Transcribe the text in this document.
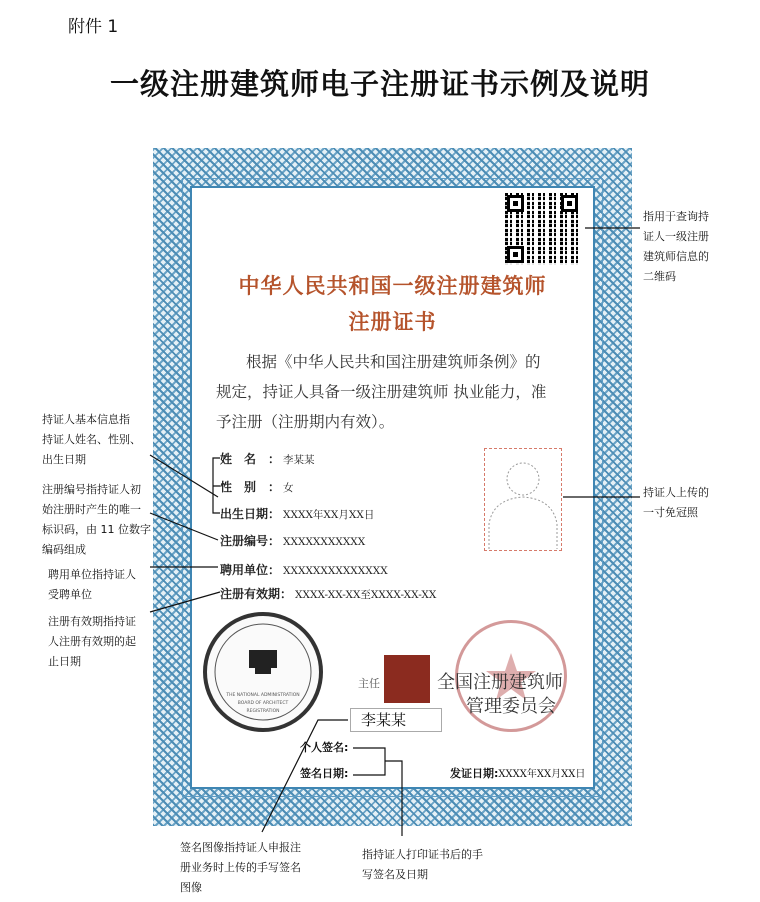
附件 1
一级注册建筑师电子注册证书示例及说明
中华人民共和国一级注册建筑师
注册证书
根据《中华人民共和国注册建筑师条例》的
规定，持证人具备一级注册建筑师 执业能力，准
予注册（注册期内有效）。
姓　名　： 李某某
性　别　： 女
出生日期： XXXX年XX月XX日
注册编号： XXXXXXXXXXX
聘用单位： XXXXXXXXXXXXXX
注册有效期： XXXX-XX-XX至XXXX-XX-XX
THE NATIONAL ADMINISTRATION
BOARD OF ARCHITECT
REGISTRATION
主任	全国注册建筑师
管理委员会
李某某
个人签名:
签名日期:	发证日期:XXXX年XX月XX日
指用于查询持
证人一级注册
建筑师信息的
二维码
持证人基本信息指
持证人姓名、性别、
出生日期
注册编号指持证人初
始注册时产生的唯一
标识码，由 11 位数字
编码组成
聘用单位指持证人
受聘单位
注册有效期指持证
人注册有效期的起
止日期
持证人上传的
一寸免冠照
签名图像指持证人申报注
册业务时上传的手写签名
图像
指持证人打印证书后的手
写签名及日期
